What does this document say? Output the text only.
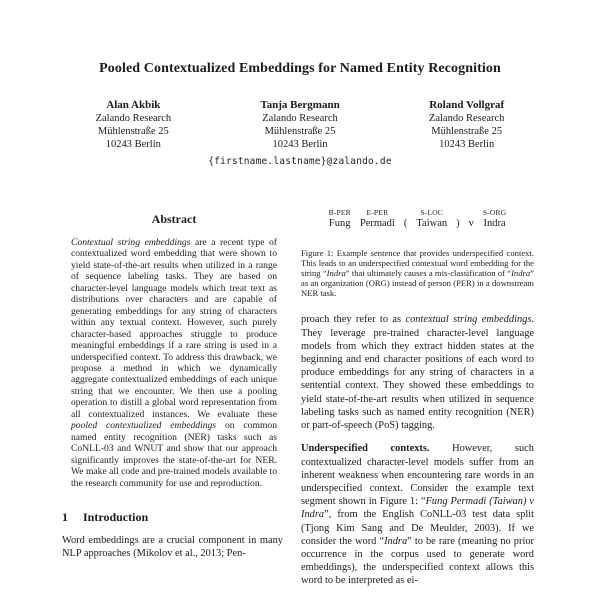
Pooled Contextualized Embeddings for Named Entity Recognition
Alan Akbik
Zalando Research
Mühlenstraße 25
10243 Berlin
Tanja Bergmann
Zalando Research
Mühlenstraße 25
10243 Berlin
Roland Vollgraf
Zalando Research
Mühlenstraße 25
10243 Berlin
{firstname.lastname}@zalando.de
Abstract
Contextual string embeddings are a recent type of contextualized word embedding that were shown to yield state-of-the-art results when utilized in a range of sequence labeling tasks. They are based on character-level language models which treat text as distributions over characters and are capable of generating embeddings for any string of characters within any textual context. However, such purely character-based approaches struggle to produce meaningful embeddings if a rare string is used in a underspecified context. To address this drawback, we propose a method in which we dynamically aggregate contextualized embeddings of each unique string that we encounter. We then use a pooling operation to distill a global word representation from all contextualized instances. We evaluate these pooled contextualized embeddings on common named entity recognition (NER) tasks such as CoNLL-03 and WNUT and show that our approach significantly improves the state-of-the-art for NER. We make all code and pre-trained models available to the research community for use and reproduction.
1 Introduction
Word embeddings are a crucial component in many NLP approaches (Mikolov et al., 2013; Pen-
B-PER
Fung
E-PER
Permadi (
S-LOC
Taiwan ) v
S-ORG
Indra
Figure 1: Example sentence that provides underspecified context. This leads to an underspecified contextual word embedding for the string “Indra” that ultimately causes a mis-classification of “Indra” as an organization (ORG) instead of person (PER) in a downstream NER task.
proach they refer to as contextual string embeddings. They leverage pre-trained character-level language models from which they extract hidden states at the beginning and end character positions of each word to produce embeddings for any string of characters in a sentential context. They showed these embeddings to yield state-of-the-art results when utilized in sequence labeling tasks such as named entity recognition (NER) or part-of-speech (PoS) tagging.
Underspecified contexts. However, such contextualized character-level models suffer from an inherent weakness when encountering rare words in an underspecified context. Consider the example text segment shown in Figure 1: “Fung Permadi (Taiwan) v Indra”, from the English CoNLL-03 test data split (Tjong Kim Sang and De Meulder, 2003). If we consider the word “Indra” to be rare (meaning no prior occurrence in the corpus used to generate word embeddings), the underspecified context allows this word to be interpreted as ei-
